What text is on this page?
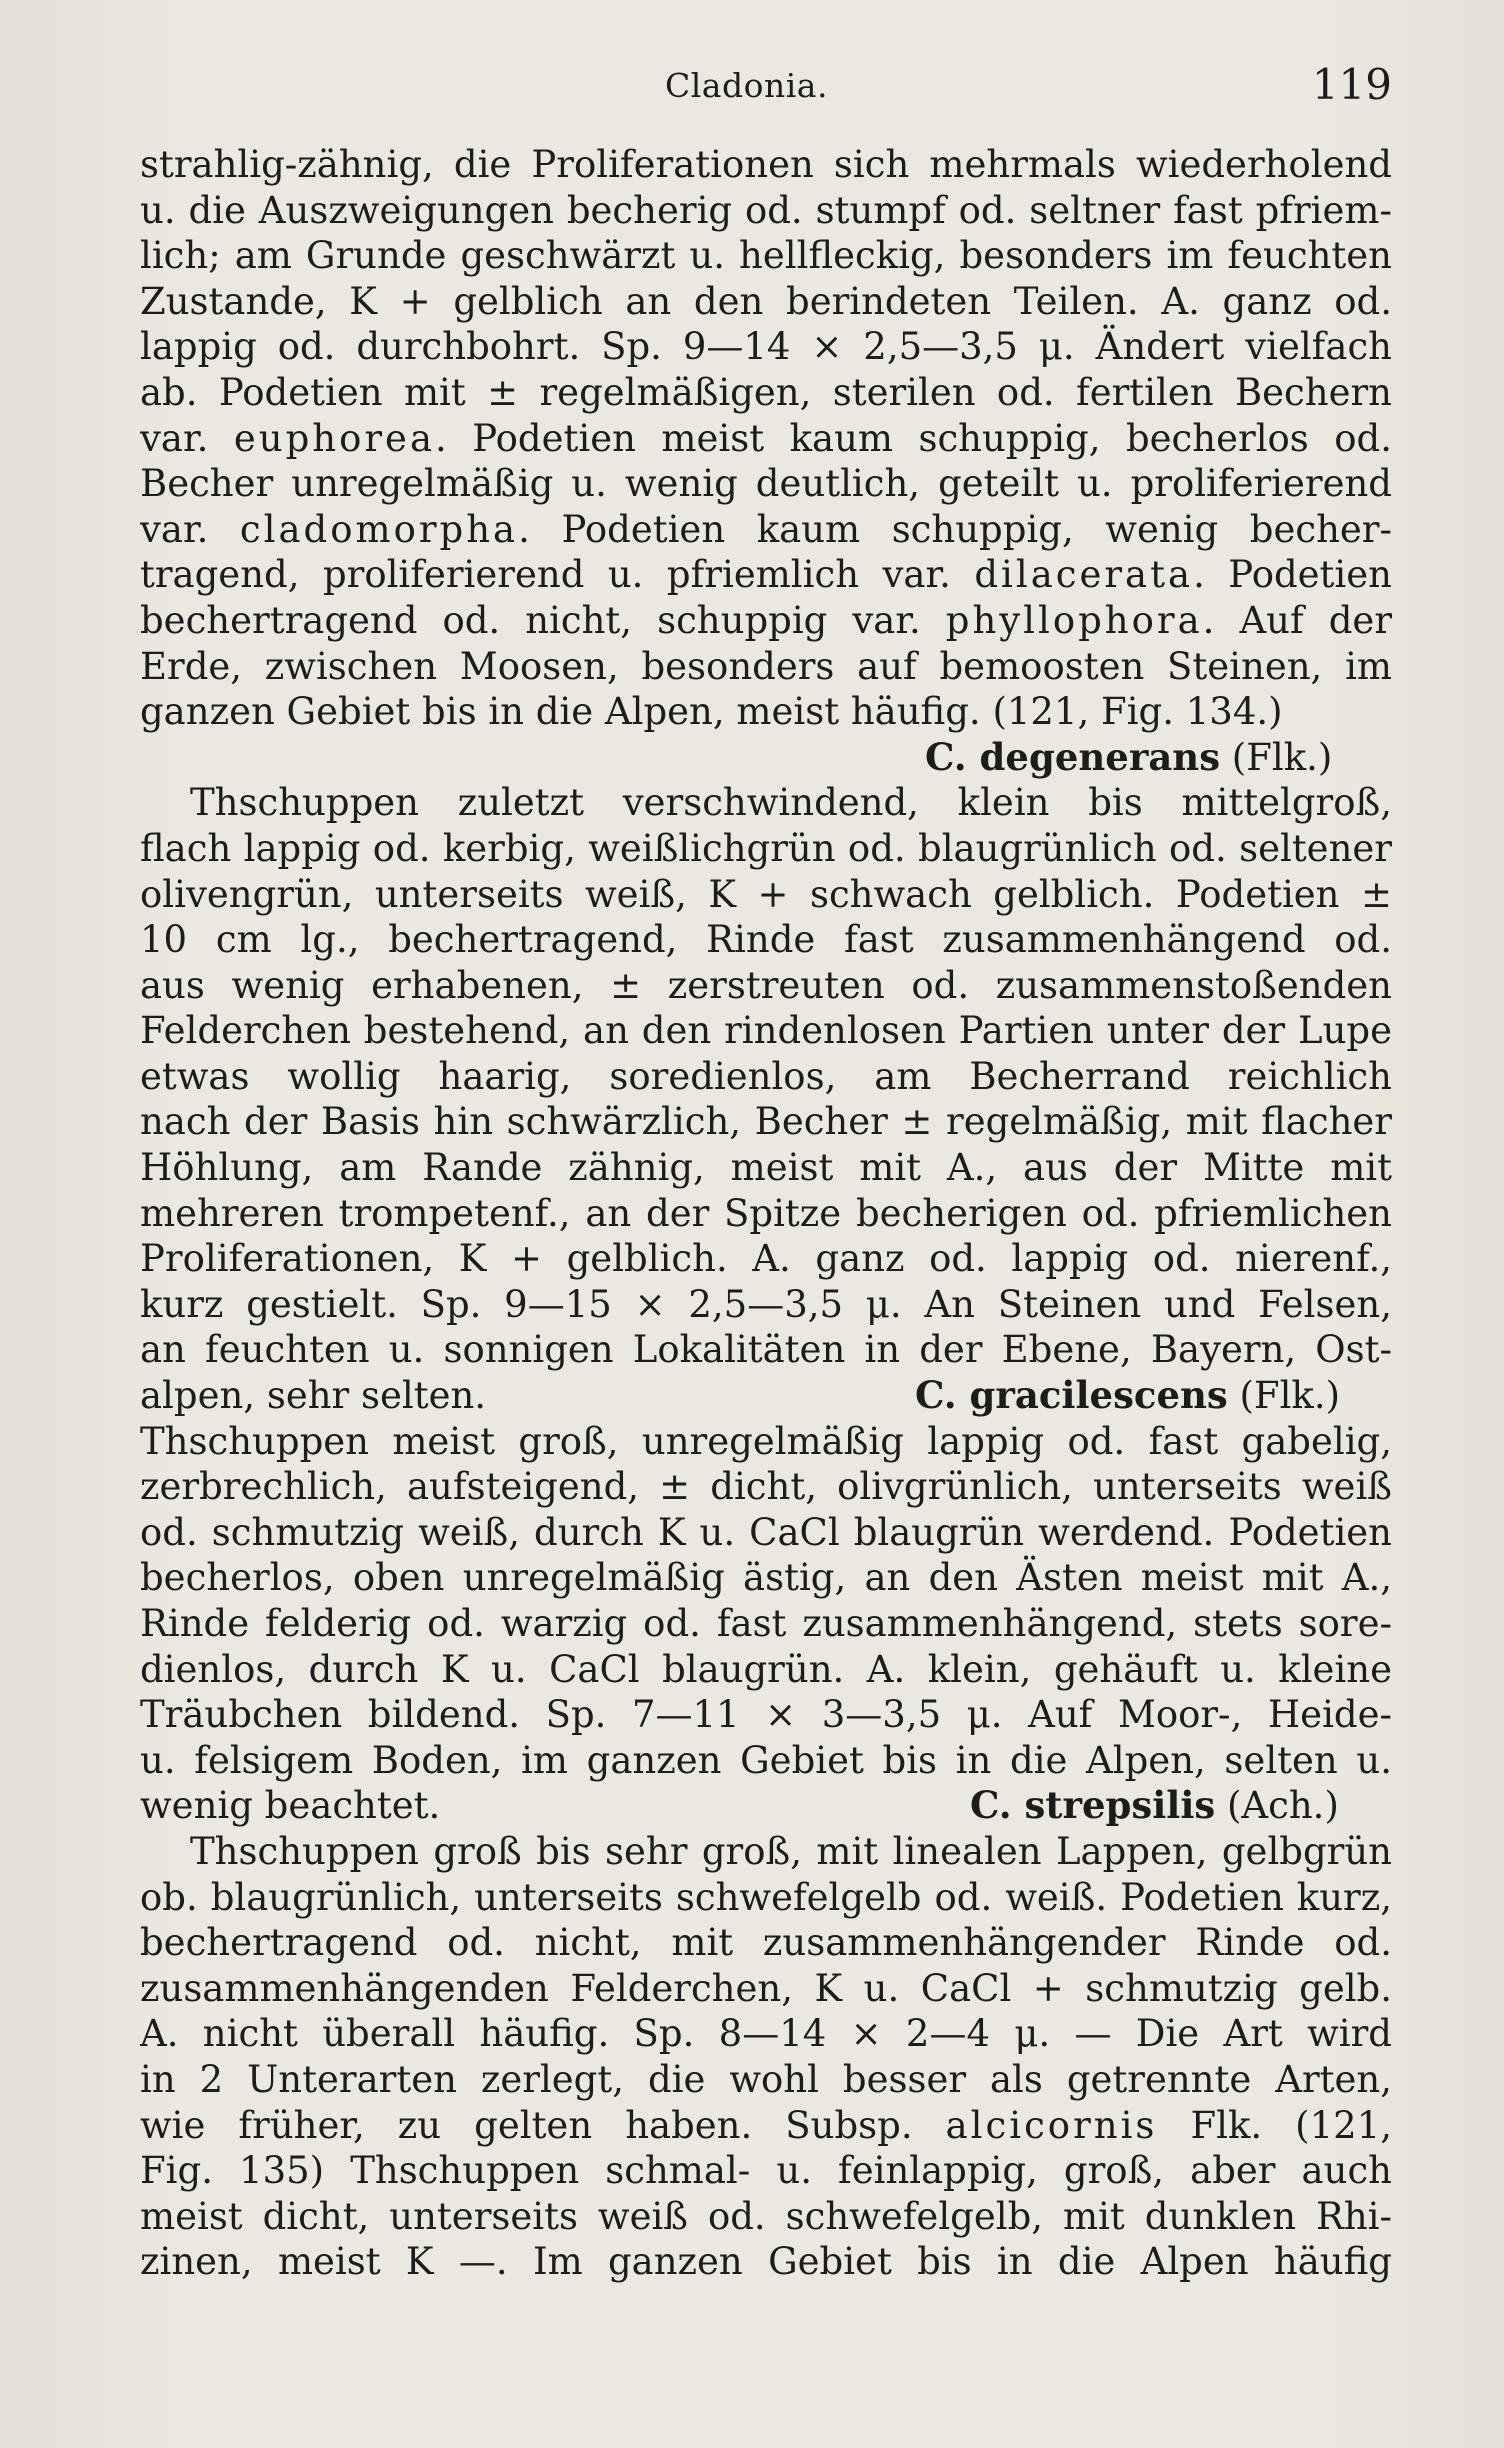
Cladonia.	119
strahlig-zähnig, die Proliferationen sich mehrmals wiederholend
u. die Auszweigungen becherig od. stumpf od. seltner fast pfriem-
lich; am Grunde geschwärzt u. hellfleckig, besonders im feuchten
Zustande, K + gelblich an den berindeten Teilen. A. ganz od.
lappig od. durchbohrt. Sp. 9—14 × 2,5—3,5 μ. Ändert vielfach
ab. Podetien mit ± regelmäßigen, sterilen od. fertilen Bechern
var. euphorea. Podetien meist kaum schuppig, becherlos od.
Becher unregelmäßig u. wenig deutlich, geteilt u. proliferierend
var. cladomorpha. Podetien kaum schuppig, wenig becher-
tragend, proliferierend u. pfriemlich var. dilacerata. Podetien
bechertragend od. nicht, schuppig var. phyllophora. Auf der
Erde, zwischen Moosen, besonders auf bemoosten Steinen, im
ganzen Gebiet bis in die Alpen, meist häufig. (121, Fig. 134.)
C. degenerans (Flk.)
Thschuppen zuletzt verschwindend, klein bis mittelgroß,
flach lappig od. kerbig, weißlichgrün od. blaugrünlich od. seltener
olivengrün, unterseits weiß, K + schwach gelblich. Podetien ±
10 cm lg., bechertragend, Rinde fast zusammenhängend od.
aus wenig erhabenen, ± zerstreuten od. zusammenstoßenden
Felderchen bestehend, an den rindenlosen Partien unter der Lupe
etwas wollig haarig, soredienlos, am Becherrand reichlich
nach der Basis hin schwärzlich, Becher ± regelmäßig, mit flacher
Höhlung, am Rande zähnig, meist mit A., aus der Mitte mit
mehreren trompetenf., an der Spitze becherigen od. pfriemlichen
Proliferationen, K + gelblich. A. ganz od. lappig od. nierenf.,
kurz gestielt. Sp. 9—15 × 2,5—3,5 μ. An Steinen und Felsen,
an feuchten u. sonnigen Lokalitäten in der Ebene, Bayern, Ost-
alpen, sehr selten.	C. gracilescens (Flk.)
Thschuppen meist groß, unregelmäßig lappig od. fast gabelig,
zerbrechlich, aufsteigend, ± dicht, olivgrünlich, unterseits weiß
od. schmutzig weiß, durch K u. CaCl blaugrün werdend. Podetien
becherlos, oben unregelmäßig ästig, an den Ästen meist mit A.,
Rinde felderig od. warzig od. fast zusammenhängend, stets sore-
dienlos, durch K u. CaCl blaugrün. A. klein, gehäuft u. kleine
Träubchen bildend. Sp. 7—11 × 3—3,5 μ. Auf Moor-, Heide-
u. felsigem Boden, im ganzen Gebiet bis in die Alpen, selten u.
wenig beachtet.	C. strepsilis (Ach.)
Thschuppen groß bis sehr groß, mit linealen Lappen, gelbgrün
ob. blaugrünlich, unterseits schwefelgelb od. weiß. Podetien kurz,
bechertragend od. nicht, mit zusammenhängender Rinde od.
zusammenhängenden Felderchen, K u. CaCl + schmutzig gelb.
A. nicht überall häufig. Sp. 8—14 × 2—4 μ. — Die Art wird
in 2 Unterarten zerlegt, die wohl besser als getrennte Arten,
wie früher, zu gelten haben. Subsp. alcicornis Flk. (121,
Fig. 135) Thschuppen schmal- u. feinlappig, groß, aber auch
meist dicht, unterseits weiß od. schwefelgelb, mit dunklen Rhi-
zinen, meist K —. Im ganzen Gebiet bis in die Alpen häufig
